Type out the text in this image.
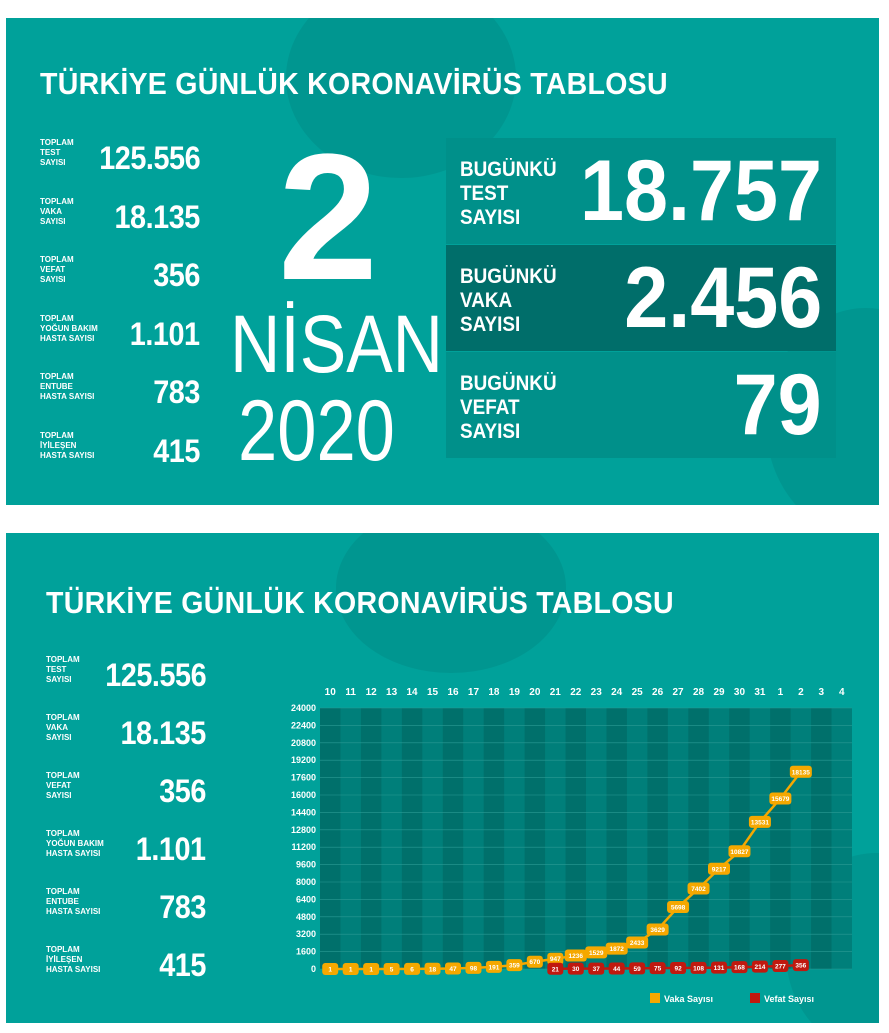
TÜRKİYE GÜNLÜK KORONAVİRÜS TABLOSU
TOPLAM
TEST
SAYISI	125.556
TOPLAM
VAKA
SAYISI	18.135
TOPLAM
VEFAT
SAYISI	356
TOPLAM
YOĞUN BAKIM
HASTA SAYISI 1.101
TOPLAM
ENTUBE
HASTA SAYISI 783
TOPLAM
İYİLEŞEN
HASTA SAYISI 415
2
NİSAN
2020
BUGÜNKÜ
TEST
SAYISI 18.757
BUGÜNKÜ
VAKA
SAYISI	2.456
BUGÜNKÜ
VEFAT
SAYISI	79
TÜRKİYE GÜNLÜK KORONAVİRÜS TABLOSU
TOPLAM
TEST
SAYISI	125.556
TOPLAM
VAKA
SAYISI	18.135
TOPLAM
VEFAT
SAYISI	356
TOPLAM
YOĞUN BAKIM
HASTA SAYISI 1.101
TOPLAM
ENTUBE
HASTA SAYISI 783
TOPLAM
İYİLEŞEN
HASTA SAYISI 415	0
1600
3200
4800
6400
8000
9600
11200
12800
14400
16000
17600
19200
20800
22400
24000
10 11 12 13 14 15 16 17 18 19 20 21 22 23 24 25 26 27 28 29 30 31 1 2 3 4
1	1	1	5	6 18 47 98 191 359 670 947 1236 1529
1872
2433
3629
5698
7402
9217
10827
13531
15679
18135
21 30 37 44 59 75 92 108 131 168 214 277 356
Vaka Sayısı	Vefat Sayısı
